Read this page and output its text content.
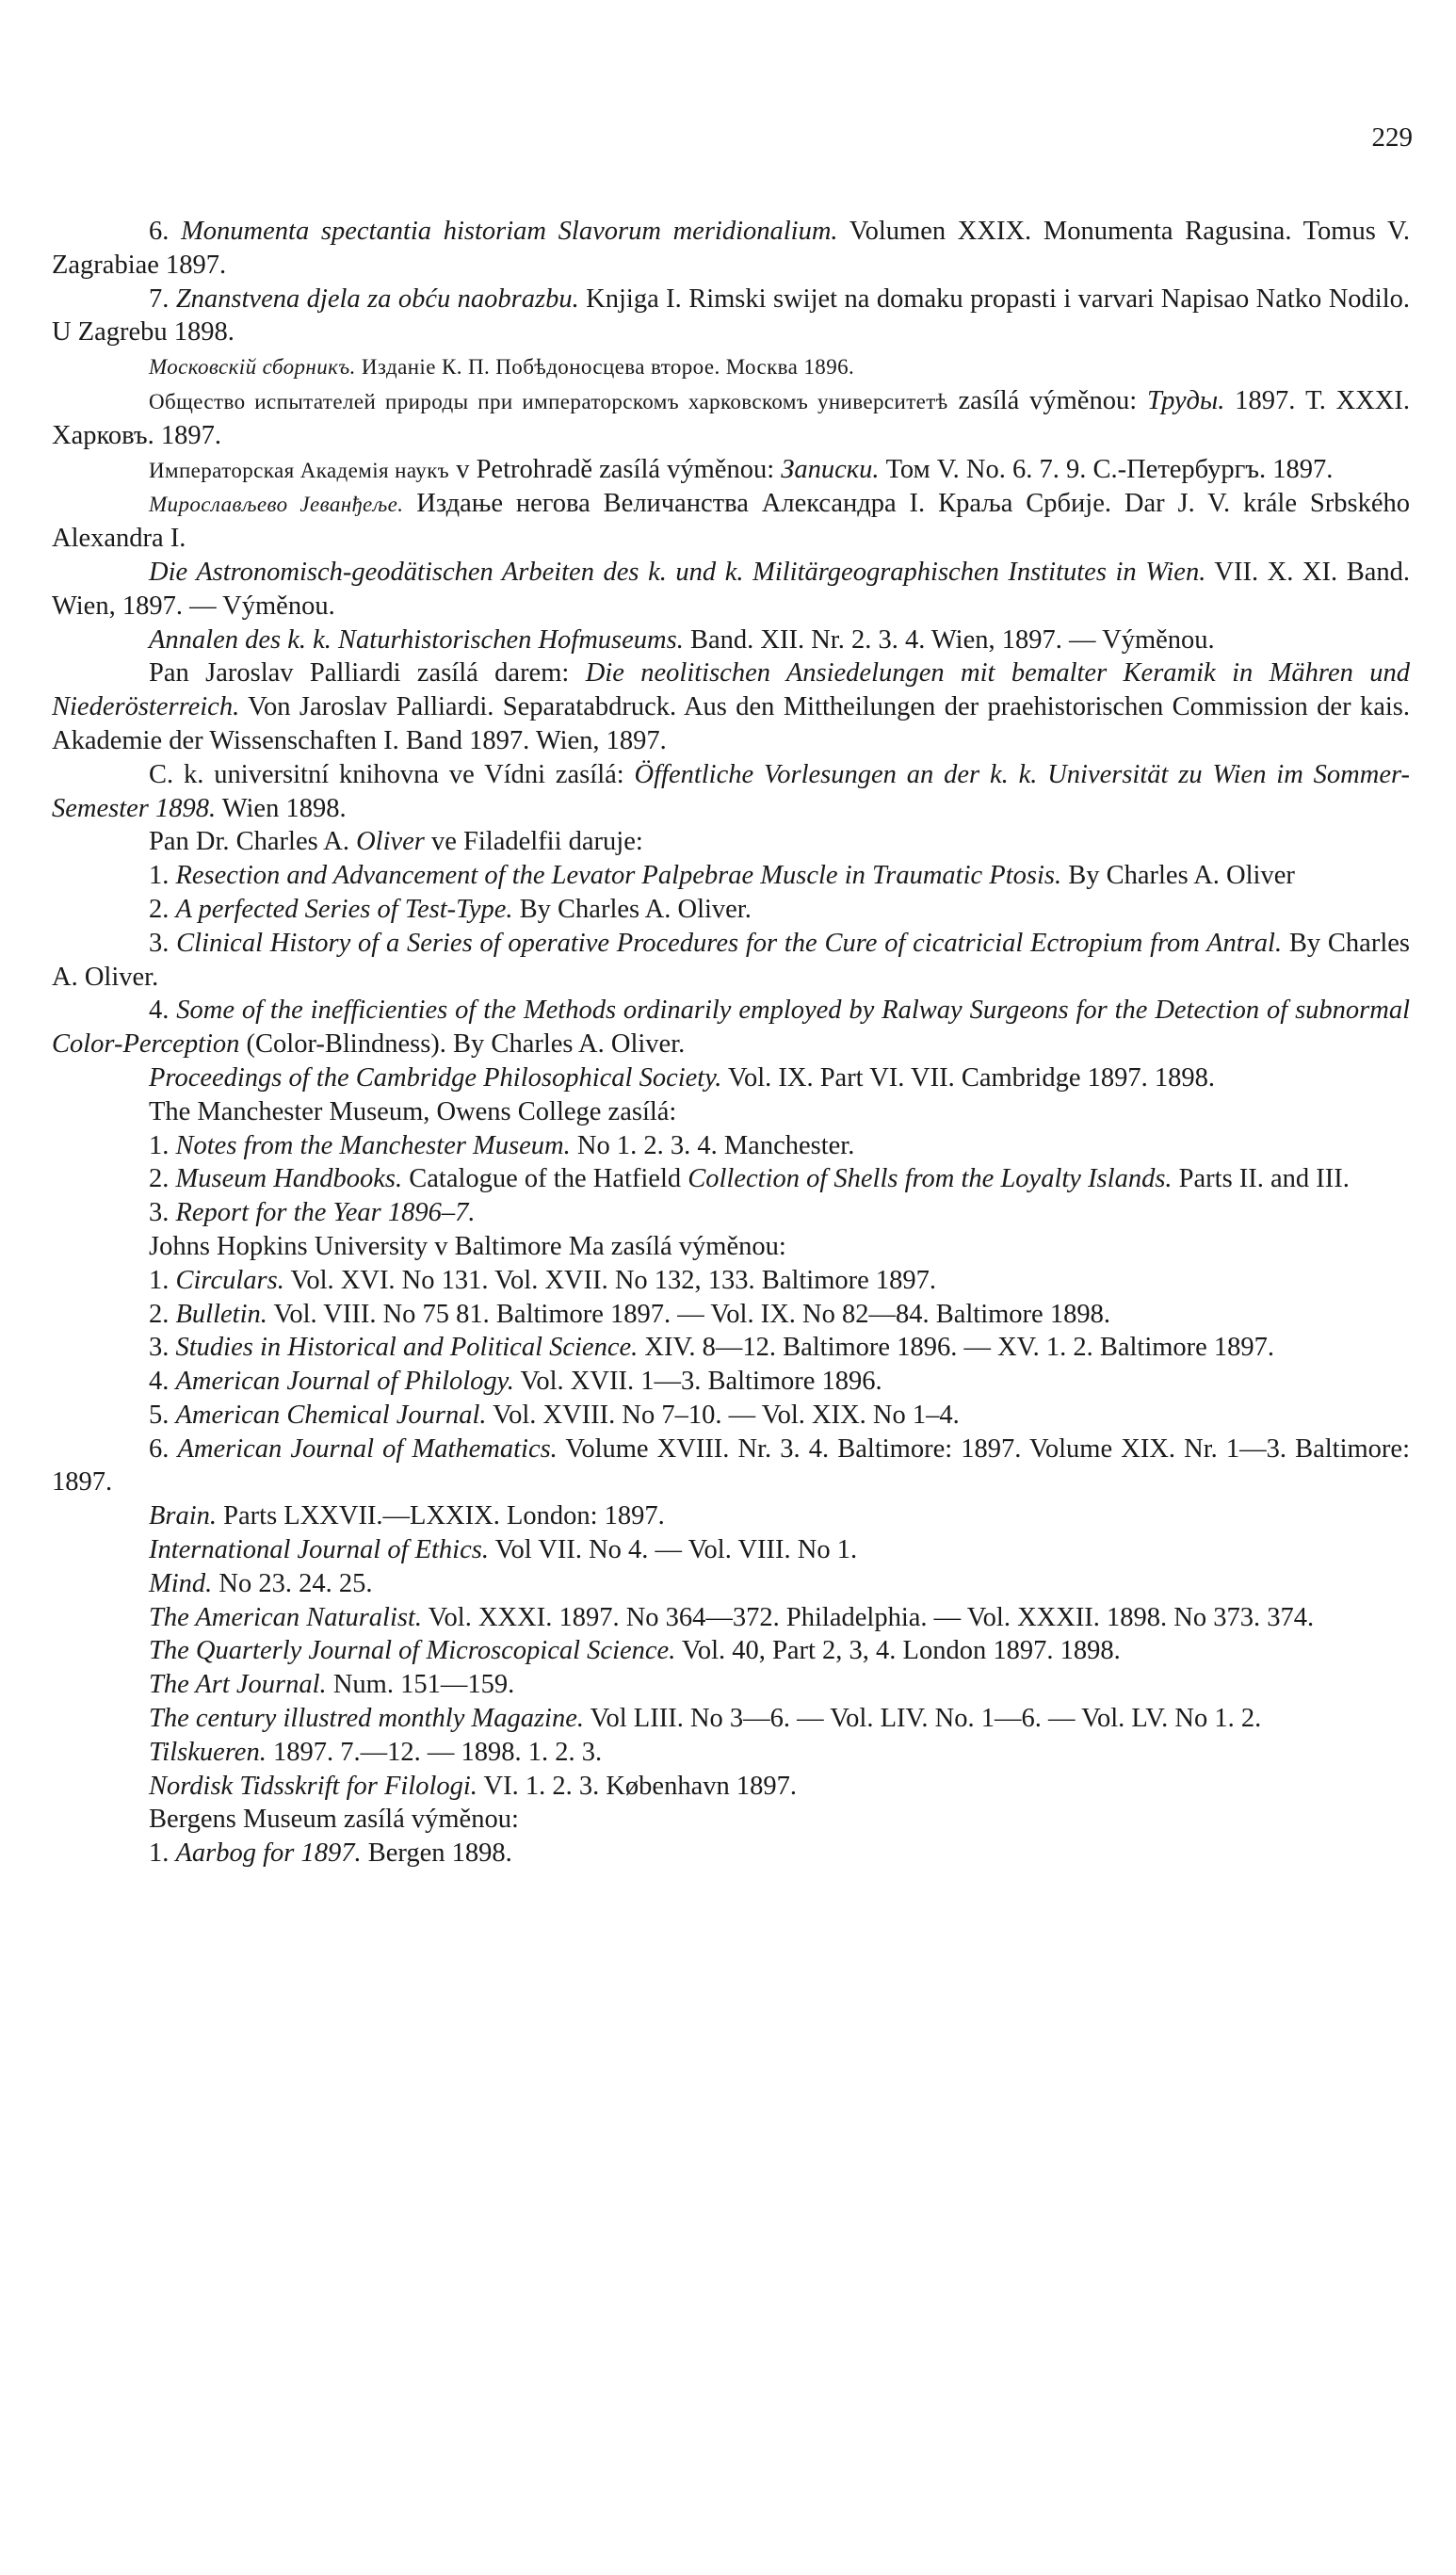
229

6. Monumenta spectantia historiam Slavorum meridionalium. Volumen XXIX. Monumenta Ragusina. Tomus V. Zagrabiae 1897.

7. Znanstvena djela za obću naobrazbu. Knjiga I. Rimski swijet na domaku propasti i varvari Napisao Natko Nodilo. U Zagrebu 1898.

Московскій сборникъ. Изданіе К. П. Побѣдоносцева второе. Москва 1896.

Общество испытателей природы при императорскомъ харковскомъ университетѣ zasílá výměnou: Труды. 1897. Т. XXXI. Харковъ. 1897.

Императорская Академія наукъ v Petrohradě zasílá výměnou: Записки. Том V. No. 6. 7. 9. С.-Петербургъ. 1897.

Мирослављево Јеванђеље. Издање негова Величанства Александра I. Краља Србије. Dar J. V. krále Srbského Alexandra I.

Die Astronomisch-geodätischen Arbeiten des k. und k. Militärgeographischen Institutes in Wien. VII. X. XI. Band. Wien, 1897. — Výměnou.

Annalen des k. k. Naturhistorischen Hofmuseums. Band. XII. Nr. 2. 3. 4. Wien, 1897. — Výměnou.

Pan Jaroslav Palliardi zasílá darem: Die neolitischen Ansiedelungen mit bemalter Keramik in Mähren und Niederösterreich. Von Jaroslav Palliardi. Separatabdruck. Aus den Mittheilungen der praehistorischen Commission der kais. Akademie der Wissenschaften I. Band 1897. Wien, 1897.

C. k. universitní knihovna ve Vídni zasílá: Öffentliche Vorlesungen an der k. k. Universität zu Wien im Sommer-Semester 1898. Wien 1898.

Pan Dr. Charles A. Oliver ve Filadelfii daruje:

1. Resection and Advancement of the Levator Palpebrae Muscle in Traumatic Ptosis. By Charles A. Oliver

2. A perfected Series of Test-Type. By Charles A. Oliver.

3. Clinical History of a Series of operative Procedures for the Cure of cicatricial Ectropium from Antral. By Charles A. Oliver.

4. Some of the inefficienties of the Methods ordinarily employed by Ralway Surgeons for the Detection of subnormal Color-Perception (Color-Blindness). By Charles A. Oliver.

Proceedings of the Cambridge Philosophical Society. Vol. IX. Part VI. VII. Cambridge 1897. 1898.

The Manchester Museum, Owens College zasílá:

1. Notes from the Manchester Museum. No 1. 2. 3. 4. Manchester.

2. Museum Handbooks. Catalogue of the Hatfield Collection of Shells from the Loyalty Islands. Parts II. and III.

3. Report for the Year 1896–7.

Johns Hopkins University v Baltimore Ma zasílá výměnou:

1. Circulars. Vol. XVI. No 131. Vol. XVII. No 132, 133. Baltimore 1897.

2. Bulletin. Vol. VIII. No 75 81. Baltimore 1897. — Vol. IX. No 82—84. Baltimore 1898.

3. Studies in Historical and Political Science. XIV. 8—12. Baltimore 1896. — XV. 1. 2. Baltimore 1897.

4. American Journal of Philology. Vol. XVII. 1—3. Baltimore 1896.

5. American Chemical Journal. Vol. XVIII. No 7–10. — Vol. XIX. No 1–4.

6. American Journal of Mathematics. Volume XVIII. Nr. 3. 4. Baltimore: 1897. Volume XIX. Nr. 1—3. Baltimore: 1897.

Brain. Parts LXXVII.—LXXIX. London: 1897.

International Journal of Ethics. Vol VII. No 4. — Vol. VIII. No 1.

Mind. No 23. 24. 25.

The American Naturalist. Vol. XXXI. 1897. No 364—372. Philadelphia. — Vol. XXXII. 1898. No 373. 374.

The Quarterly Journal of Microscopical Science. Vol. 40, Part 2, 3, 4. London 1897. 1898.

The Art Journal. Num. 151—159.

The century illustred monthly Magazine. Vol LIII. No 3—6. — Vol. LIV. No. 1—6. — Vol. LV. No 1. 2.

Tilskueren. 1897. 7.—12. — 1898. 1. 2. 3.

Nordisk Tidsskrift for Filologi. VI. 1. 2. 3. København 1897.

Bergens Museum zasílá výměnou:

1. Aarbog for 1897. Bergen 1898.
